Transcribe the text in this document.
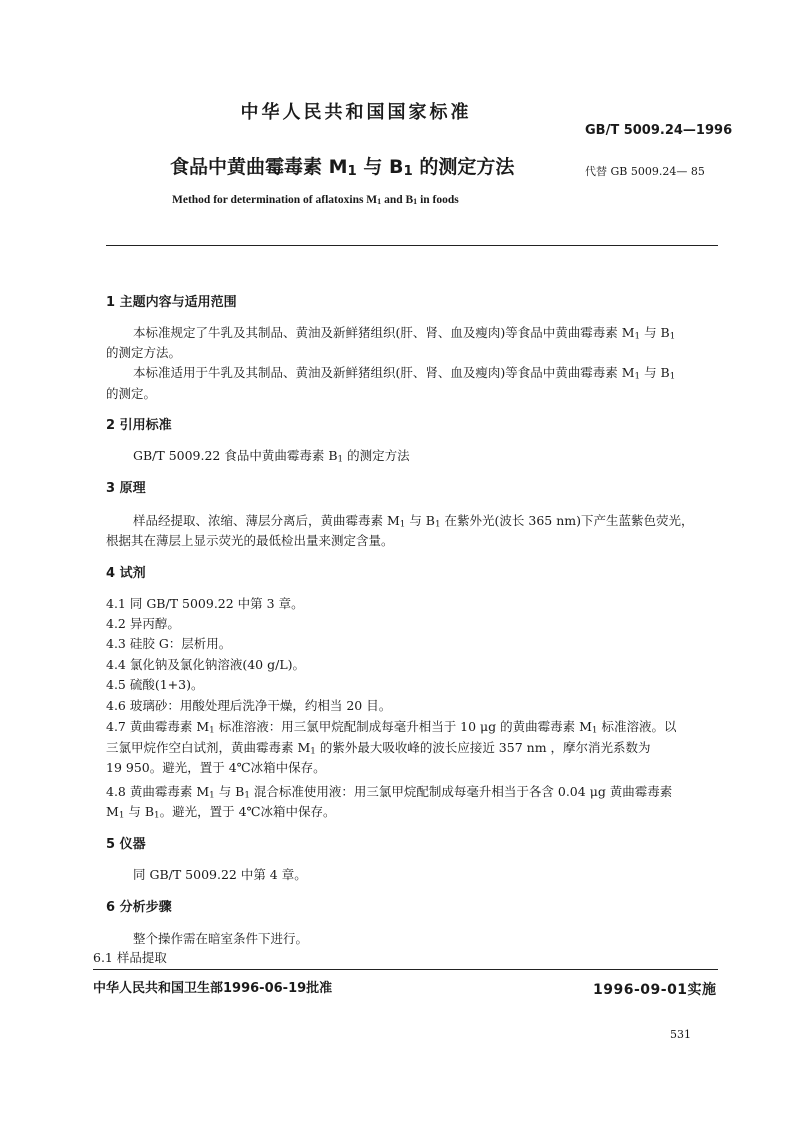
中华人民共和国国家标准
GB/T 5009.24—1996
食品中黄曲霉毒素 $M_1$ 与 $B_1$ 的测定方法	代替 GB 5009.24— 85
Method for determination of aflatoxins $M_1$ and $B_1$ in foods
1 主题内容与适用范围
本标准规定了牛乳及其制品、黄油及新鲜猪组织(肝、肾、血及瘦肉)等食品中黄曲霉毒素 $M_1$ 与 $B_1$
的测定方法。
本标准适用于牛乳及其制品、黄油及新鲜猪组织(肝、肾、血及瘦肉)等食品中黄曲霉毒素 $M_1$ 与 $B_1$
的测定。
2 引用标准
GB/T 5009.22 食品中黄曲霉毒素 $B_1$ 的测定方法
3 原理
样品经提取、浓缩、薄层分离后，黄曲霉毒素 $M_1$ 与 $B_1$ 在紫外光(波长 365 nm)下产生蓝紫色荧光，
根据其在薄层上显示荧光的最低检出量来测定含量。
4 试剂
4.1 同 GB/T 5009.22 中第 3 章。
4.2 异丙醇。
4.3 硅胶 G：层析用。
4.4 氯化钠及氯化钠溶液(40 g/L)。
4.5 硫酸(1+3)。
4.6 玻璃砂：用酸处理后洗净干燥，约相当 20 目。
4.7 黄曲霉毒素 $M_1$ 标准溶液：用三氯甲烷配制成每毫升相当于 10 μg 的黄曲霉毒素 $M_1$ 标准溶液。以
三氯甲烷作空白试剂，黄曲霉毒素 $M_1$ 的紫外最大吸收峰的波长应接近 357 nm ，摩尔消光系数为
19 950。避光，置于 4℃冰箱中保存。
4.8 黄曲霉毒素 $M_1$ 与 $B_1$ 混合标准使用液：用三氯甲烷配制成每毫升相当于各含 0.04 μg 黄曲霉毒素
$M_1$ 与 $B_1$。避光，置于 4℃冰箱中保存。
5 仪器
同 GB/T 5009.22 中第 4 章。
6 分析步骤
整个操作需在暗室条件下进行。
6.1 样品提取
中华人民共和国卫生部1996-06-19批准	1996-09-01实施
531
